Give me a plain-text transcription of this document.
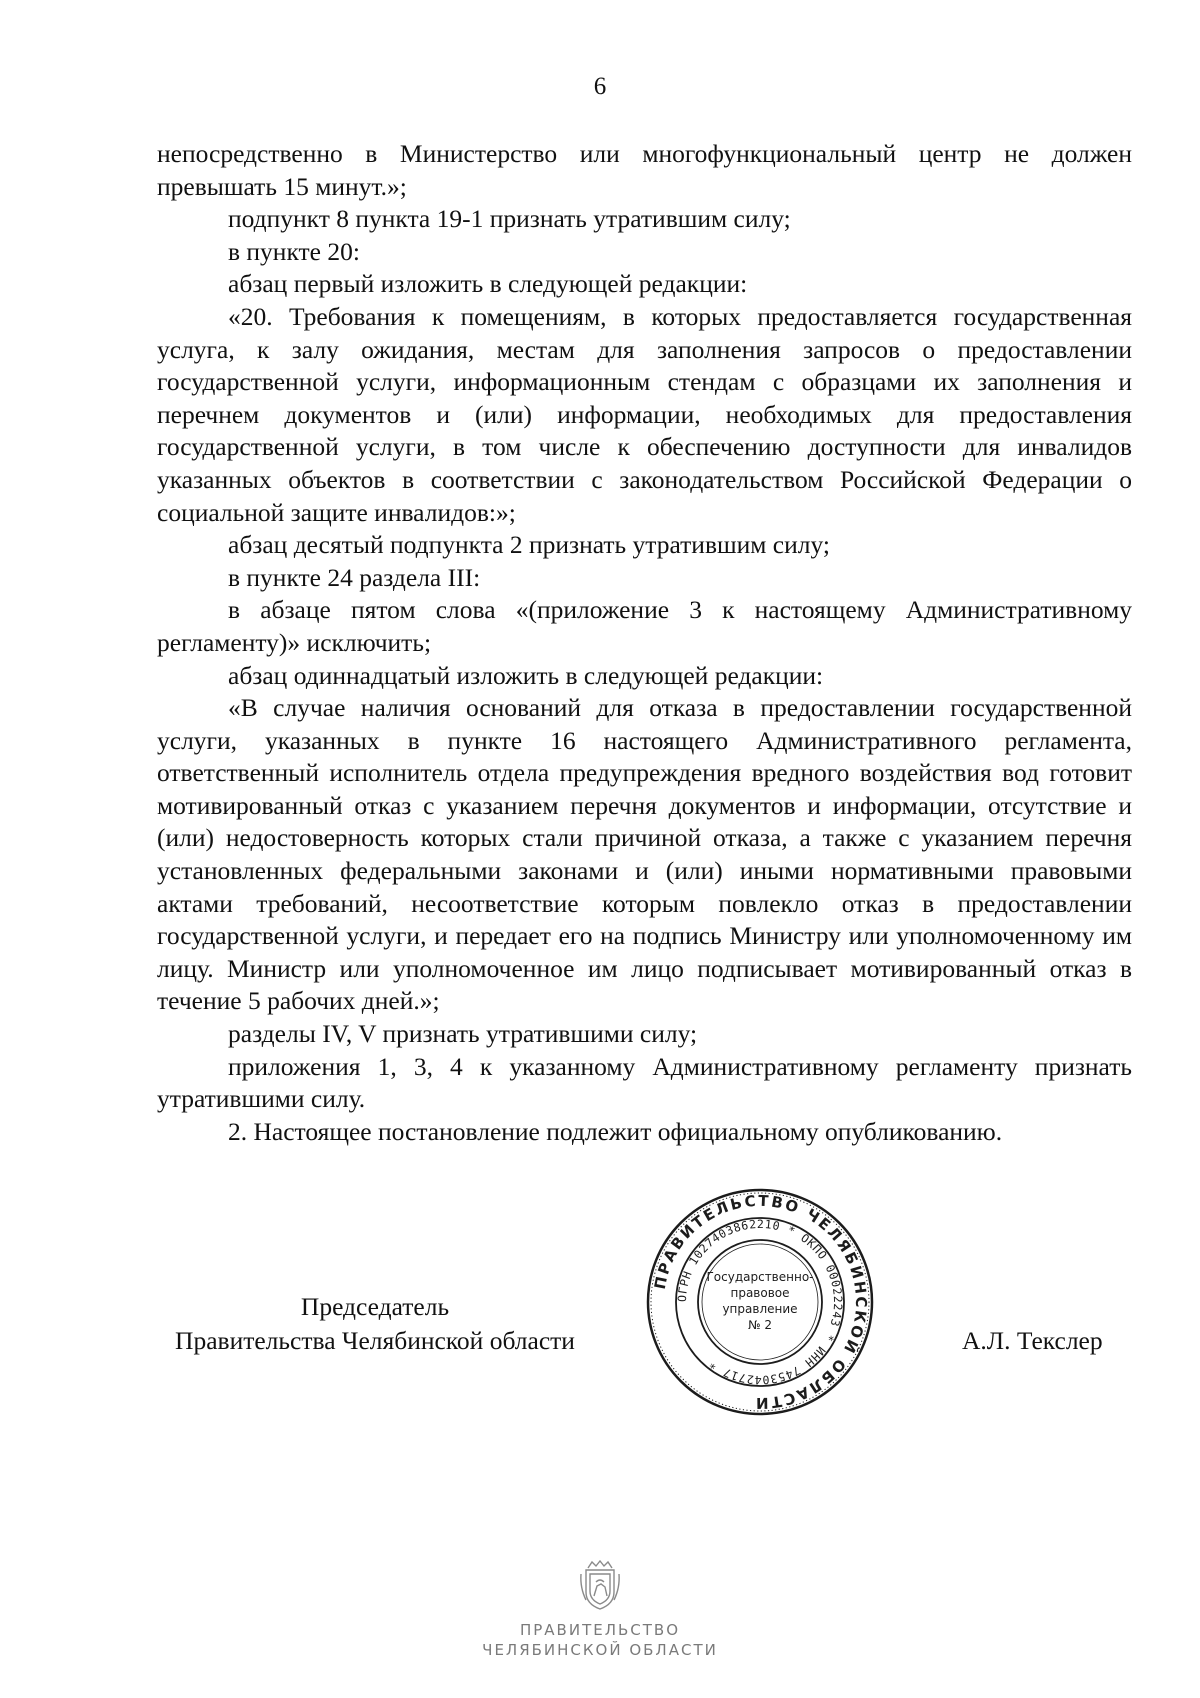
6

непосредственно в Министерство или многофункциональный центр не должен превышать 15 минут.»;

подпункт 8 пункта 19-1 признать утратившим силу;

в пункте 20:

абзац первый изложить в следующей редакции:

«20. Требования к помещениям, в которых предоставляется государственная услуга, к залу ожидания, местам для заполнения запросов о предоставлении государственной услуги, информационным стендам с образцами их заполнения и перечнем документов и (или) информации, необходимых для предоставления государственной услуги, в том числе к обеспечению доступности для инвалидов указанных объектов в соответствии с законодательством Российской Федерации о социальной защите инвалидов:»;

абзац десятый подпункта 2 признать утратившим силу;

в пункте 24 раздела III:

в абзаце пятом слова «(приложение 3 к настоящему Административному регламенту)» исключить;

абзац одиннадцатый изложить в следующей редакции:

«В случае наличия оснований для отказа в предоставлении государственной услуги, указанных в пункте 16 настоящего Административного регламента, ответственный исполнитель отдела предупреждения вредного воздействия вод готовит мотивированный отказ с указанием перечня документов и информации, отсутствие и (или) недостоверность которых стали причиной отказа, а также с указанием перечня установленных федеральными законами и (или) иными нормативными правовыми актами требований, несоответствие которым повлекло отказ в предоставлении государственной услуги, и передает его на подпись Министру или уполномоченному им лицу. Министр или уполномоченное им лицо подписывает мотивированный отказ в течение 5 рабочих дней.»;

разделы IV, V признать утратившими силу;

приложения 1, 3, 4 к указанному Административному регламенту признать утратившими силу.

2. Настоящее постановление подлежит официальному опубликованию.

Председатель
Правительства Челябинской области	А.Л. Текслер
ПРАВИТЕЛЬСТВО ЧЕЛЯБИНСКОЙ ОБЛАСТИ
ОГРН 1027403862210 * ОКПО 00022243 * ИНН 7453042717 *
Государственно-
правовое
управление
№ 2
ПРАВИТЕЛЬСТВО
ЧЕЛЯБИНСКОЙ ОБЛАСТИ
